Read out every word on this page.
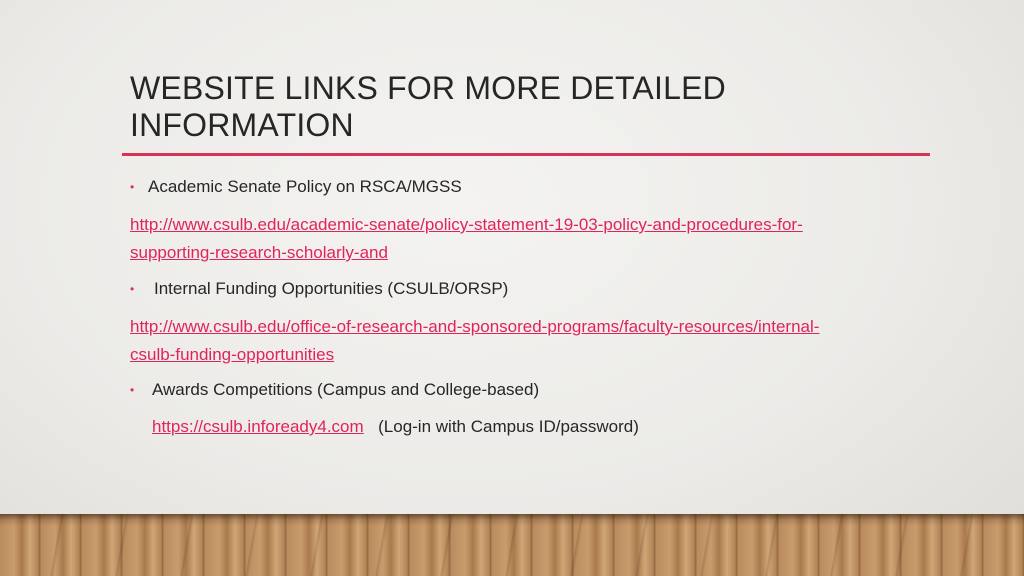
WEBSITE LINKS FOR MORE DETAILED
INFORMATION
• Academic Senate Policy on RSCA/MGSS
http://www.csulb.edu/academic-senate/policy-statement-19-03-policy-and-procedures-for-
supporting-research-scholarly-and
•	Internal Funding Opportunities (CSULB/ORSP)
http://www.csulb.edu/office-of-research-and-sponsored-programs/faculty-resources/internal-
csulb-funding-opportunities
•	Awards Competitions (Campus and College-based)
https://csulb.infoready4.com (Log-in with Campus ID/password)
